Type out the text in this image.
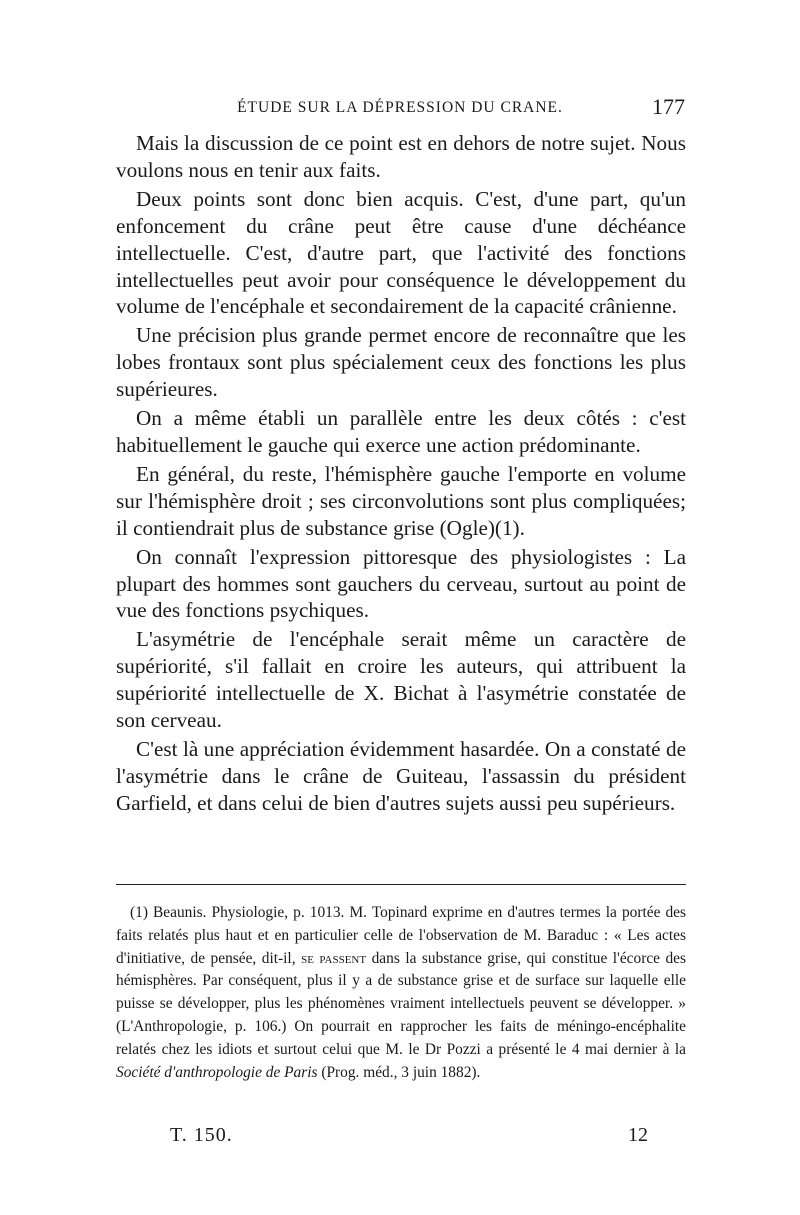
ÉTUDE SUR LA DÉPRESSION DU CRANE.	177

Mais la discussion de ce point est en dehors de notre sujet. Nous voulons nous en tenir aux faits.

Deux points sont donc bien acquis. C'est, d'une part, qu'un enfoncement du crâne peut être cause d'une déchéance intellectuelle. C'est, d'autre part, que l'activité des fonctions intellectuelles peut avoir pour conséquence le développement du volume de l'encéphale et secondairement de la capacité crânienne.

Une précision plus grande permet encore de reconnaître que les lobes frontaux sont plus spécialement ceux des fonctions les plus supérieures.

On a même établi un parallèle entre les deux côtés : c'est habituellement le gauche qui exerce une action prédominante.

En général, du reste, l'hémisphère gauche l'emporte en volume sur l'hémisphère droit ; ses circonvolutions sont plus compliquées; il contiendrait plus de substance grise (Ogle)(1).

On connaît l'expression pittoresque des physiologistes : La plupart des hommes sont gauchers du cerveau, surtout au point de vue des fonctions psychiques.

L'asymétrie de l'encéphale serait même un caractère de supériorité, s'il fallait en croire les auteurs, qui attribuent la supériorité intellectuelle de X. Bichat à l'asymétrie constatée de son cerveau.

C'est là une appréciation évidemment hasardée. On a constaté de l'asymétrie dans le crâne de Guiteau, l'assassin du président Garfield, et dans celui de bien d'autres sujets aussi peu supérieurs.

(1) Beaunis. Physiologie, p. 1013. M. Topinard exprime en d'autres termes la portée des faits relatés plus haut et en particulier celle de l'observation de M. Baraduc : « Les actes d'initiative, de pensée, dit-il, se passent dans la substance grise, qui constitue l'écorce des hémisphères. Par conséquent, plus il y a de substance grise et de surface sur laquelle elle puisse se développer, plus les phénomènes vraiment intellectuels peuvent se développer. » (L'Anthropologie, p. 106.) On pourrait en rapprocher les faits de méningo-encéphalite relatés chez les idiots et surtout celui que M. le Dr Pozzi a présenté le 4 mai dernier à la Société d'anthropologie de Paris (Prog. méd., 3 juin 1882).

T. 150.	12
